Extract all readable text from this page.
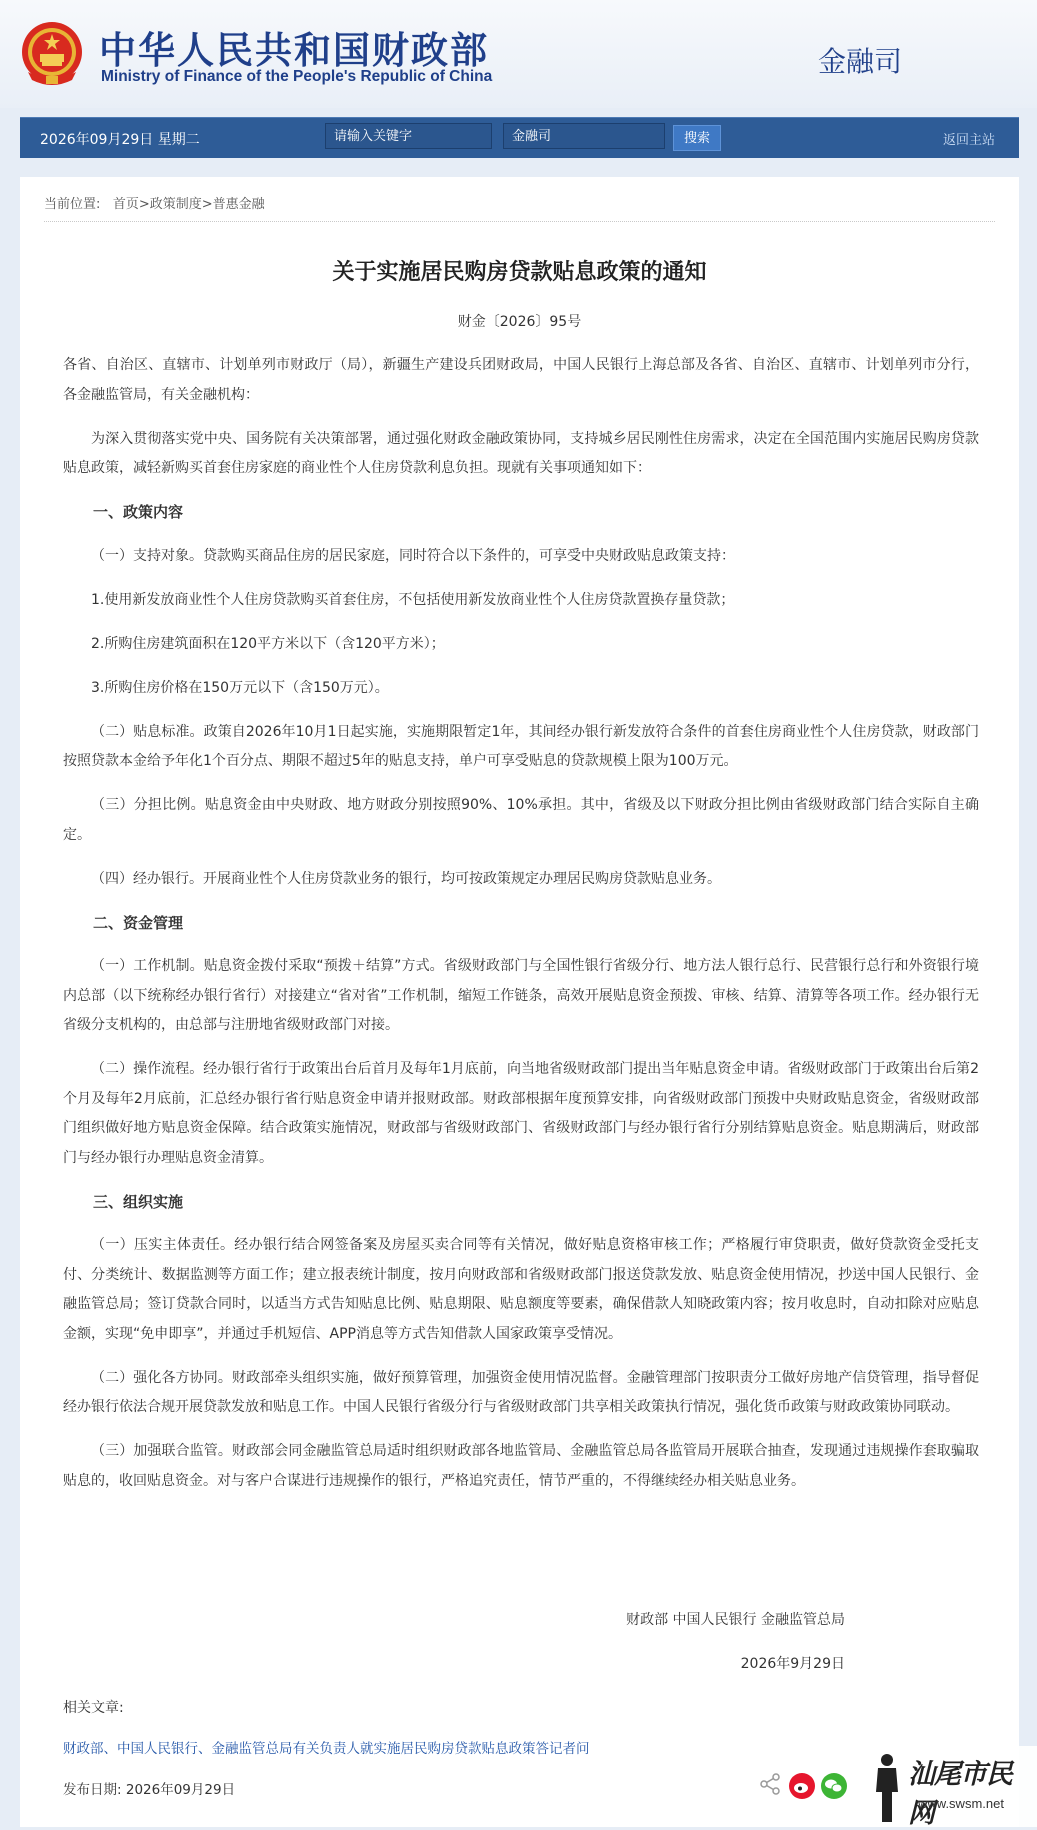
中华人民共和国财政部
Ministry of Finance of the People's Republic of China	金融司
2026年09月29日 星期二	请输入关键字	金融司	搜索	返回主站
当前位置: 首页>政策制度>普惠金融
关于实施居民购房贷款贴息政策的通知
财金〔2026〕95号

各省、自治区、直辖市、计划单列市财政厅（局），新疆生产建设兵团财政局，中国人民银行上海总部及各省、自治区、直辖市、计划单列市分行，各金融监管局，有关金融机构：

为深入贯彻落实党中央、国务院有关决策部署，通过强化财政金融政策协同，支持城乡居民刚性住房需求，决定在全国范围内实施居民购房贷款贴息政策，减轻新购买首套住房家庭的商业性个人住房贷款利息负担。现就有关事项通知如下：

一、政策内容

（一）支持对象。贷款购买商品住房的居民家庭，同时符合以下条件的，可享受中央财政贴息政策支持：

1.使用新发放商业性个人住房贷款购买首套住房，不包括使用新发放商业性个人住房贷款置换存量贷款；

2.所购住房建筑面积在120平方米以下（含120平方米）；

3.所购住房价格在150万元以下（含150万元）。

（二）贴息标准。政策自2026年10月1日起实施，实施期限暂定1年，其间经办银行新发放符合条件的首套住房商业性个人住房贷款，财政部门按照贷款本金给予年化1个百分点、期限不超过5年的贴息支持，单户可享受贴息的贷款规模上限为100万元。

（三）分担比例。贴息资金由中央财政、地方财政分别按照90%、10%承担。其中，省级及以下财政分担比例由省级财政部门结合实际自主确定。

（四）经办银行。开展商业性个人住房贷款业务的银行，均可按政策规定办理居民购房贷款贴息业务。

二、资金管理

（一）工作机制。贴息资金拨付采取“预拨＋结算”方式。省级财政部门与全国性银行省级分行、地方法人银行总行、民营银行总行和外资银行境内总部（以下统称经办银行省行）对接建立“省对省”工作机制，缩短工作链条，高效开展贴息资金预拨、审核、结算、清算等各项工作。经办银行无省级分支机构的，由总部与注册地省级财政部门对接。

（二）操作流程。经办银行省行于政策出台后首月及每年1月底前，向当地省级财政部门提出当年贴息资金申请。省级财政部门于政策出台后第2个月及每年2月底前，汇总经办银行省行贴息资金申请并报财政部。财政部根据年度预算安排，向省级财政部门预拨中央财政贴息资金，省级财政部门组织做好地方贴息资金保障。结合政策实施情况，财政部与省级财政部门、省级财政部门与经办银行省行分别结算贴息资金。贴息期满后，财政部门与经办银行办理贴息资金清算。

三、组织实施

（一）压实主体责任。经办银行结合网签备案及房屋买卖合同等有关情况，做好贴息资格审核工作；严格履行审贷职责，做好贷款资金受托支付、分类统计、数据监测等方面工作；建立报表统计制度，按月向财政部和省级财政部门报送贷款发放、贴息资金使用情况，抄送中国人民银行、金融监管总局；签订贷款合同时，以适当方式告知贴息比例、贴息期限、贴息额度等要素，确保借款人知晓政策内容；按月收息时，自动扣除对应贴息金额，实现“免申即享”，并通过手机短信、APP消息等方式告知借款人国家政策享受情况。

（二）强化各方协同。财政部牵头组织实施，做好预算管理，加强资金使用情况监督。金融管理部门按职责分工做好房地产信贷管理，指导督促经办银行依法合规开展贷款发放和贴息工作。中国人民银行省级分行与省级财政部门共享相关政策执行情况，强化货币政策与财政政策协同联动。

（三）加强联合监管。财政部会同金融监管总局适时组织财政部各地监管局、金融监管总局各监管局开展联合抽查，发现通过违规操作套取骗取贴息的，收回贴息资金。对与客户合谋进行违规操作的银行，严格追究责任，情节严重的，不得继续经办相关贴息业务。

财政部 中国人民银行 金融监管总局
2026年9月29日
相关文章:
财政部、中国人民银行、金融监管总局有关负责人就实施居民购房贷款贴息政策答记者问
发布日期: 2026年09月29日	汕尾市民网
www.swsm.net
